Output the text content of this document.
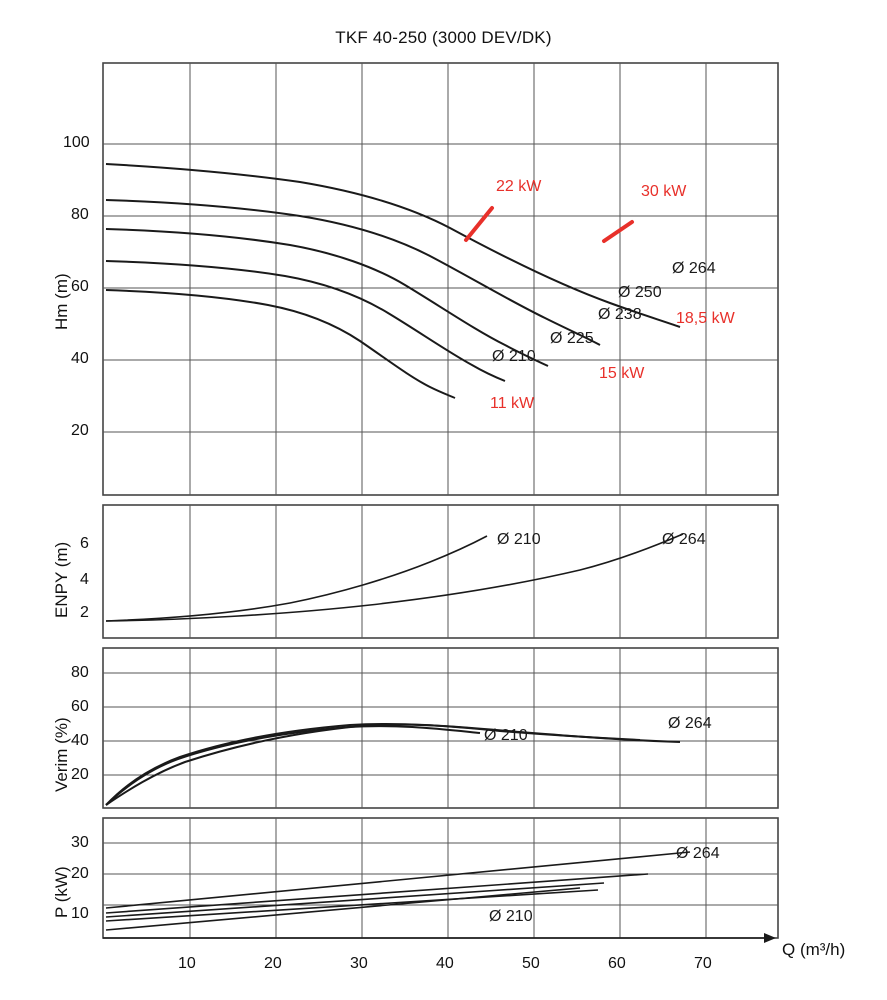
TKF 40-250 (3000 DEV/DK)
Hm (m)
ENPY (m)
Verim (%)
P (kW)
Q (m³/h)
100
80
60
40
20
6
4
2
80
60
40
20
30
20
10
10	20	30	40	50	60	70
Ø 264
Ø 250
Ø 238
Ø 225
Ø 210
22 kW	30 kW
18,5 kW
15 kW
11 kW
Ø 210	Ø 264
Ø 210
Ø 264
Ø 264
Ø 210
